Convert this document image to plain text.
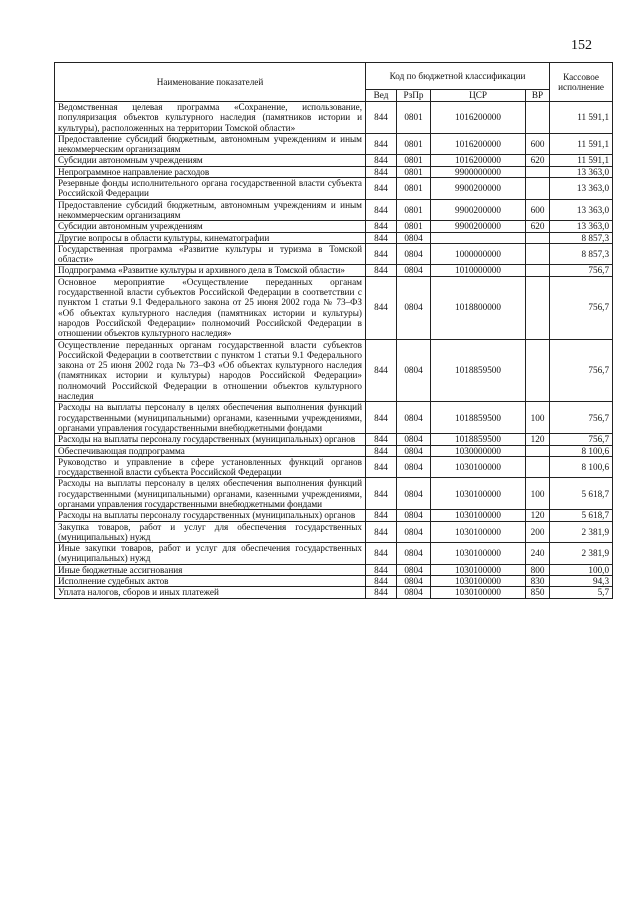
152
Наименование показателей	Код по бюджетной классификации				Кассовое исполнение
	Вед	РзПр	ЦСР	ВР	
Ведомственная целевая программа «Сохранение, использование, популяризация объектов культурного наследия (памятников истории и культуры), расположенных на территории Томской области»	844	0801	1016200000		11 591,1
Предоставление субсидий бюджетным, автономным учреждениям и иным некоммерческим организациям	844	0801	1016200000	600	11 591,1
Субсидии автономным учреждениям	844	0801	1016200000	620	11 591,1
Непрограммное направление расходов	844	0801	9900000000		13 363,0
Резервные фонды исполнительного органа государственной власти субъекта Российской Федерации	844	0801	9900200000		13 363,0
Предоставление субсидий бюджетным, автономным учреждениям и иным некоммерческим организациям	844	0801	9900200000	600	13 363,0
Субсидии автономным учреждениям	844	0801	9900200000	620	13 363,0
Другие вопросы в области культуры, кинематографии	844	0804			8 857,3
Государственная программа «Развитие культуры и туризма в Томской области»	844	0804	1000000000		8 857,3
Подпрограмма «Развитие культуры и архивного дела в Томской области»	844	0804	1010000000		756,7
Основное мероприятие «Осуществление переданных органам государственной власти субъектов Российской Федерации в соответствии с пунктом 1 статьи 9.1 Федерального закона от 25 июня 2002 года № 73–ФЗ «Об объектах культурного наследия (памятниках истории и культуры) народов Российской Федерации» полномочий Российской Федерации в отношении объектов культурного наследия»	844	0804	1018800000		756,7
Осуществление переданных органам государственной власти субъектов Российской Федерации в соответствии с пунктом 1 статьи 9.1 Федерального закона от 25 июня 2002 года № 73–ФЗ «Об объектах культурного наследия (памятниках истории и культуры) народов Российской Федерации» полномочий Российской Федерации в отношении объектов культурного наследия	844	0804	1018859500		756,7
Расходы на выплаты персоналу в целях обеспечения выполнения функций государственными (муниципальными) органами, казенными учреждениями, органами управления государственными внебюджетными фондами	844	0804	1018859500	100	756,7
Расходы на выплаты персоналу государственных (муниципальных) органов	844	0804	1018859500	120	756,7
Обеспечивающая подпрограмма	844	0804	1030000000		8 100,6
Руководство и управление в сфере установленных функций органов государственной власти субъекта Российской Федерации	844	0804	1030100000		8 100,6
Расходы на выплаты персоналу в целях обеспечения выполнения функций государственными (муниципальными) органами, казенными учреждениями, органами управления государственными внебюджетными фондами	844	0804	1030100000	100	5 618,7
Расходы на выплаты персоналу государственных (муниципальных) органов	844	0804	1030100000	120	5 618,7
Закупка товаров, работ и услуг для обеспечения государственных (муниципальных) нужд	844	0804	1030100000	200	2 381,9
Иные закупки товаров, работ и услуг для обеспечения государственных (муниципальных) нужд	844	0804	1030100000	240	2 381,9
Иные бюджетные ассигнования	844	0804	1030100000	800	100,0
Исполнение судебных актов	844	0804	1030100000	830	94,3
Уплата налогов, сборов и иных платежей	844	0804	1030100000	850	5,7
